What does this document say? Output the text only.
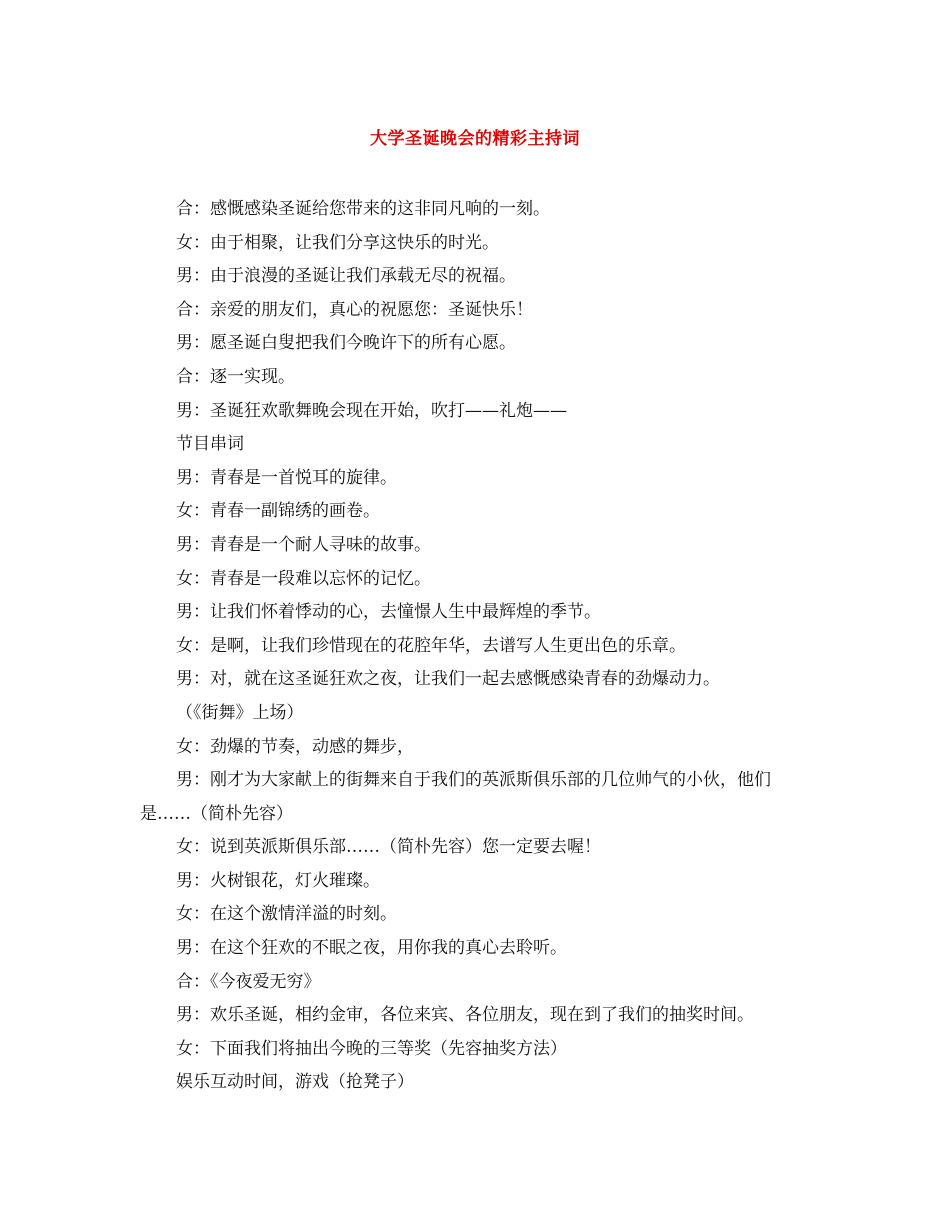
大学圣诞晚会的精彩主持词

合：感慨感染圣诞给您带来的这非同凡响的一刻。

女：由于相聚，让我们分享这快乐的时光。

男：由于浪漫的圣诞让我们承载无尽的祝福。

合：亲爱的朋友们，真心的祝愿您：圣诞快乐！

男：愿圣诞白叟把我们今晚许下的所有心愿。

合：逐一实现。

男：圣诞狂欢歌舞晚会现在开始，吹打——礼炮——

节目串词

男：青春是一首悦耳的旋律。

女：青春一副锦绣的画卷。

男：青春是一个耐人寻味的故事。

女：青春是一段难以忘怀的记忆。

男：让我们怀着悸动的心，去憧憬人生中最辉煌的季节。

女：是啊，让我们珍惜现在的花腔年华，去谱写人生更出色的乐章。

男：对，就在这圣诞狂欢之夜，让我们一起去感慨感染青春的劲爆动力。

（《街舞》上场）

女：劲爆的节奏，动感的舞步，

男：刚才为大家献上的街舞来自于我们的英派斯俱乐部的几位帅气的小伙，他们是……（简朴先容）

女：说到英派斯俱乐部……（简朴先容）您一定要去喔！

男：火树银花，灯火璀璨。

女：在这个激情洋溢的时刻。

男：在这个狂欢的不眠之夜，用你我的真心去聆听。

合：《今夜爱无穷》

男：欢乐圣诞，相约金审，各位来宾、各位朋友，现在到了我们的抽奖时间。

女：下面我们将抽出今晚的三等奖（先容抽奖方法）

娱乐互动时间，游戏（抢凳子）
